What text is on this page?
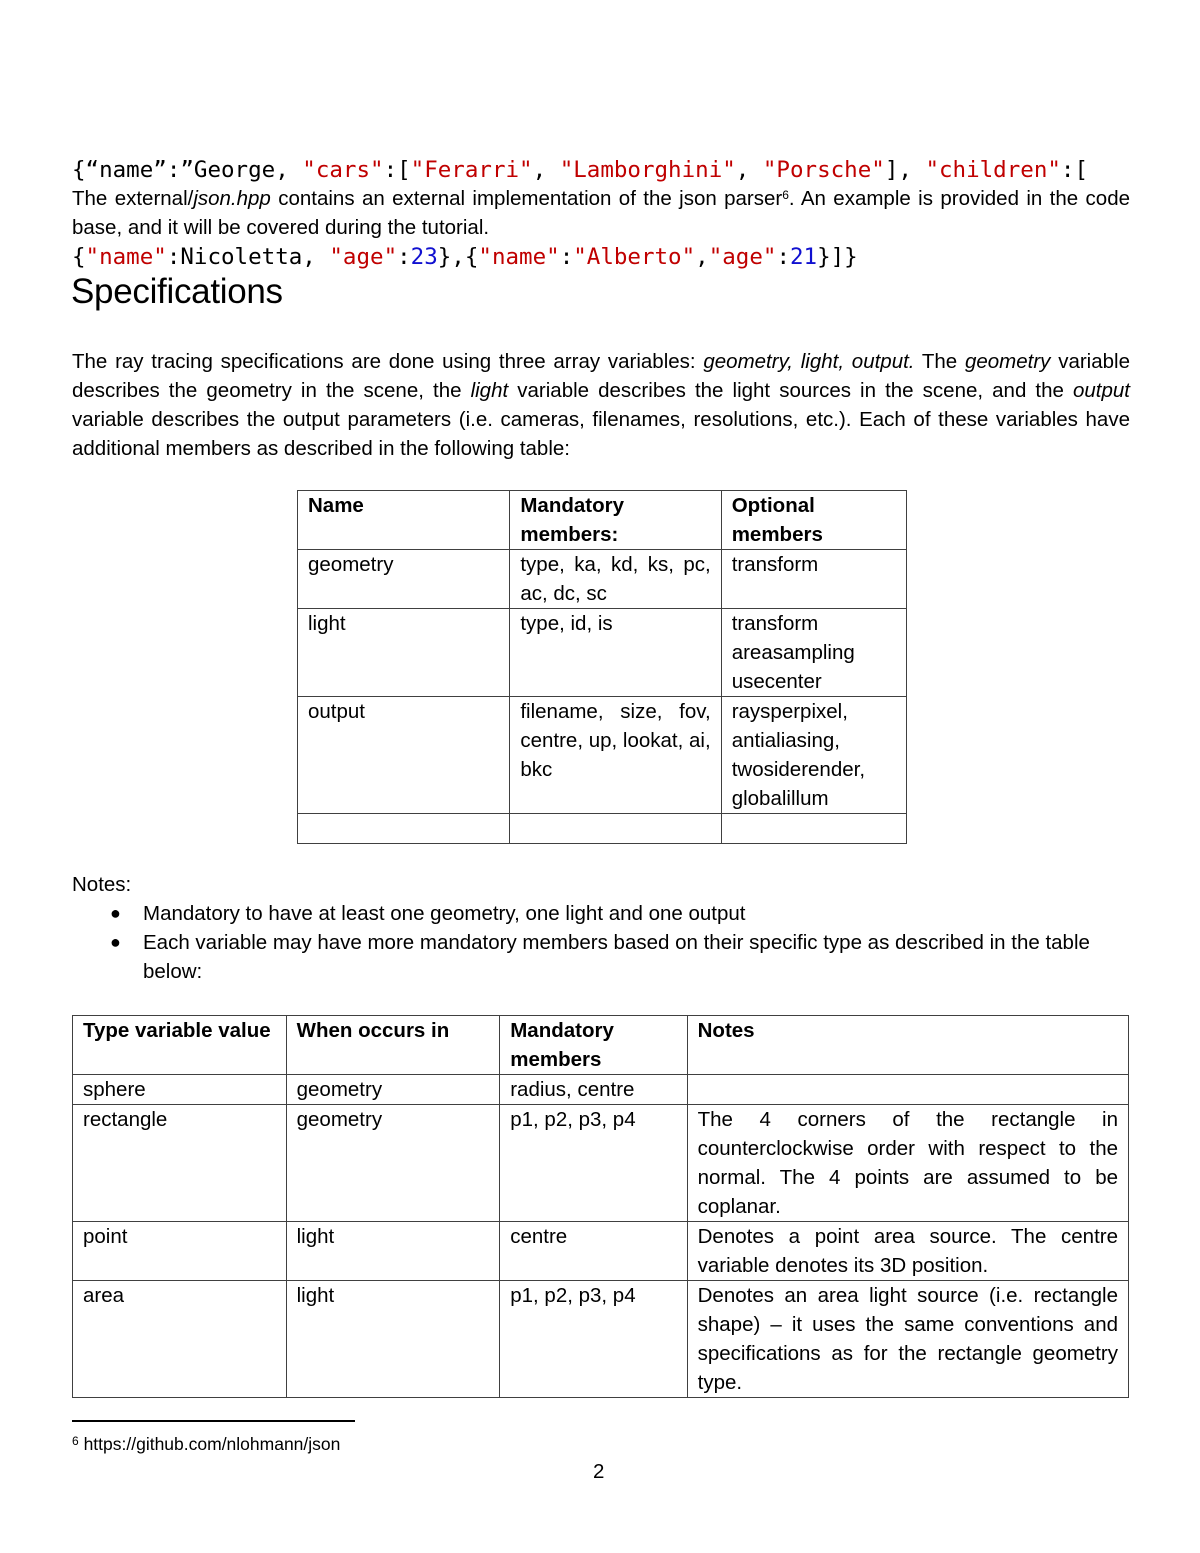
{“name”:”George, "cars":["Ferarri", "Lamborghini", "Porsche"], "children":[

{"name":Nicoletta, "age":23},{"name":"Alberto","age":21}]}

The external/json.hpp contains an external implementation of the json parser$^6$. An example is provided in the code base, and it will be covered during the tutorial.

Specifications

The ray tracing specifications are done using three array variables: geometry, light, output. The geometry variable describes the geometry in the scene, the light variable describes the light sources in the scene, and the output variable describes the output parameters (i.e. cameras, filenames, resolutions, etc.). Each of these variables have additional members as described in the following table:

Name	Mandatory members:	Optional members
geometry	type, ka, kd, ks, pc, ac, dc, sc	transform

light	type, id, is	transform
areasampling
usecenter

output	filename, size, fov, centre, up, lookat, ai, bkc	raysperpixel,
antialiasing,
twosiderender,
globalillum

Notes:
● Mandatory to have at least one geometry, one light and one output
● Each variable may have more mandatory members based on their specific type as described in the table below:
Type variable value	When occurs in	Mandatory members	Notes
sphere	geometry	radius, centre	
rectangle	geometry	p1, p2, p3, p4	The 4 corners of the rectangle in counterclockwise order with respect to the normal. The 4 points are assumed to be coplanar.
point	light	centre	Denotes a point area source. The centre variable denotes its 3D position.
area	light	p1, p2, p3, p4	Denotes an area light source (i.e. rectangle shape) – it uses the same conventions and specifications as for the rectangle geometry type.
$^6$ https://github.com/nlohmann/json
2
